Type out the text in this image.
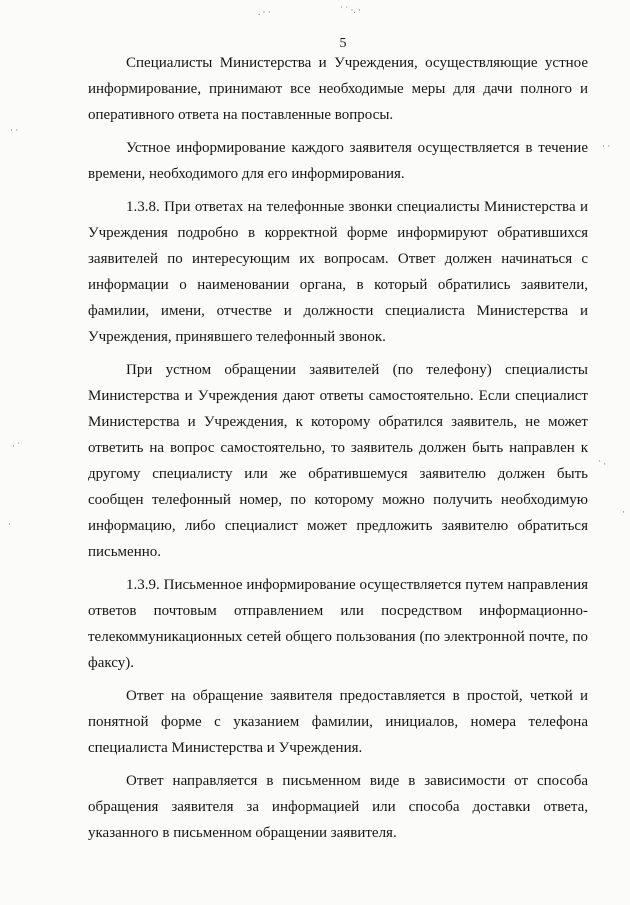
5

Специалисты Министерства и Учреждения, осуществляющие устное информирование, принимают все необходимые меры для дачи полного и оперативного ответа на поставленные вопросы.

Устное информирование каждого заявителя осуществляется в течение времени, необходимого для его информирования.

1.3.8. При ответах на телефонные звонки специалисты Министерства и Учреждения подробно в корректной форме информируют обратившихся заявителей по интересующим их вопросам. Ответ должен начинаться с информации о наименовании органа, в который обратились заявители, фамилии, имени, отчестве и должности специалиста Министерства и Учреждения, принявшего телефонный звонок.

При устном обращении заявителей (по телефону) специалисты Министерства и Учреждения дают ответы самостоятельно. Если специалист Министерства и Учреждения, к которому обратился заявитель, не может ответить на вопрос самостоятельно, то заявитель должен быть направлен к другому специалисту или же обратившемуся заявителю должен быть сообщен телефонный номер, по которому можно получить необходимую информацию, либо специалист может предложить заявителю обратиться письменно.

1.3.9. Письменное информирование осуществляется путем направления ответов почтовым отправлением или посредством информационно-телекоммуникационных сетей общего пользования (по электронной почте, по факсу).

Ответ на обращение заявителя предоставляется в простой, четкой и понятной форме с указанием фамилии, инициалов, номера телефона специалиста Министерства и Учреждения.

Ответ направляется в письменном виде в зависимости от способа обращения заявителя за информацией или способа доставки ответа, указанного в письменном обращении заявителя.

. · ·	˙ ˙ ·. ·
· ·
· ·
· ˙
˙ ·
·
·
